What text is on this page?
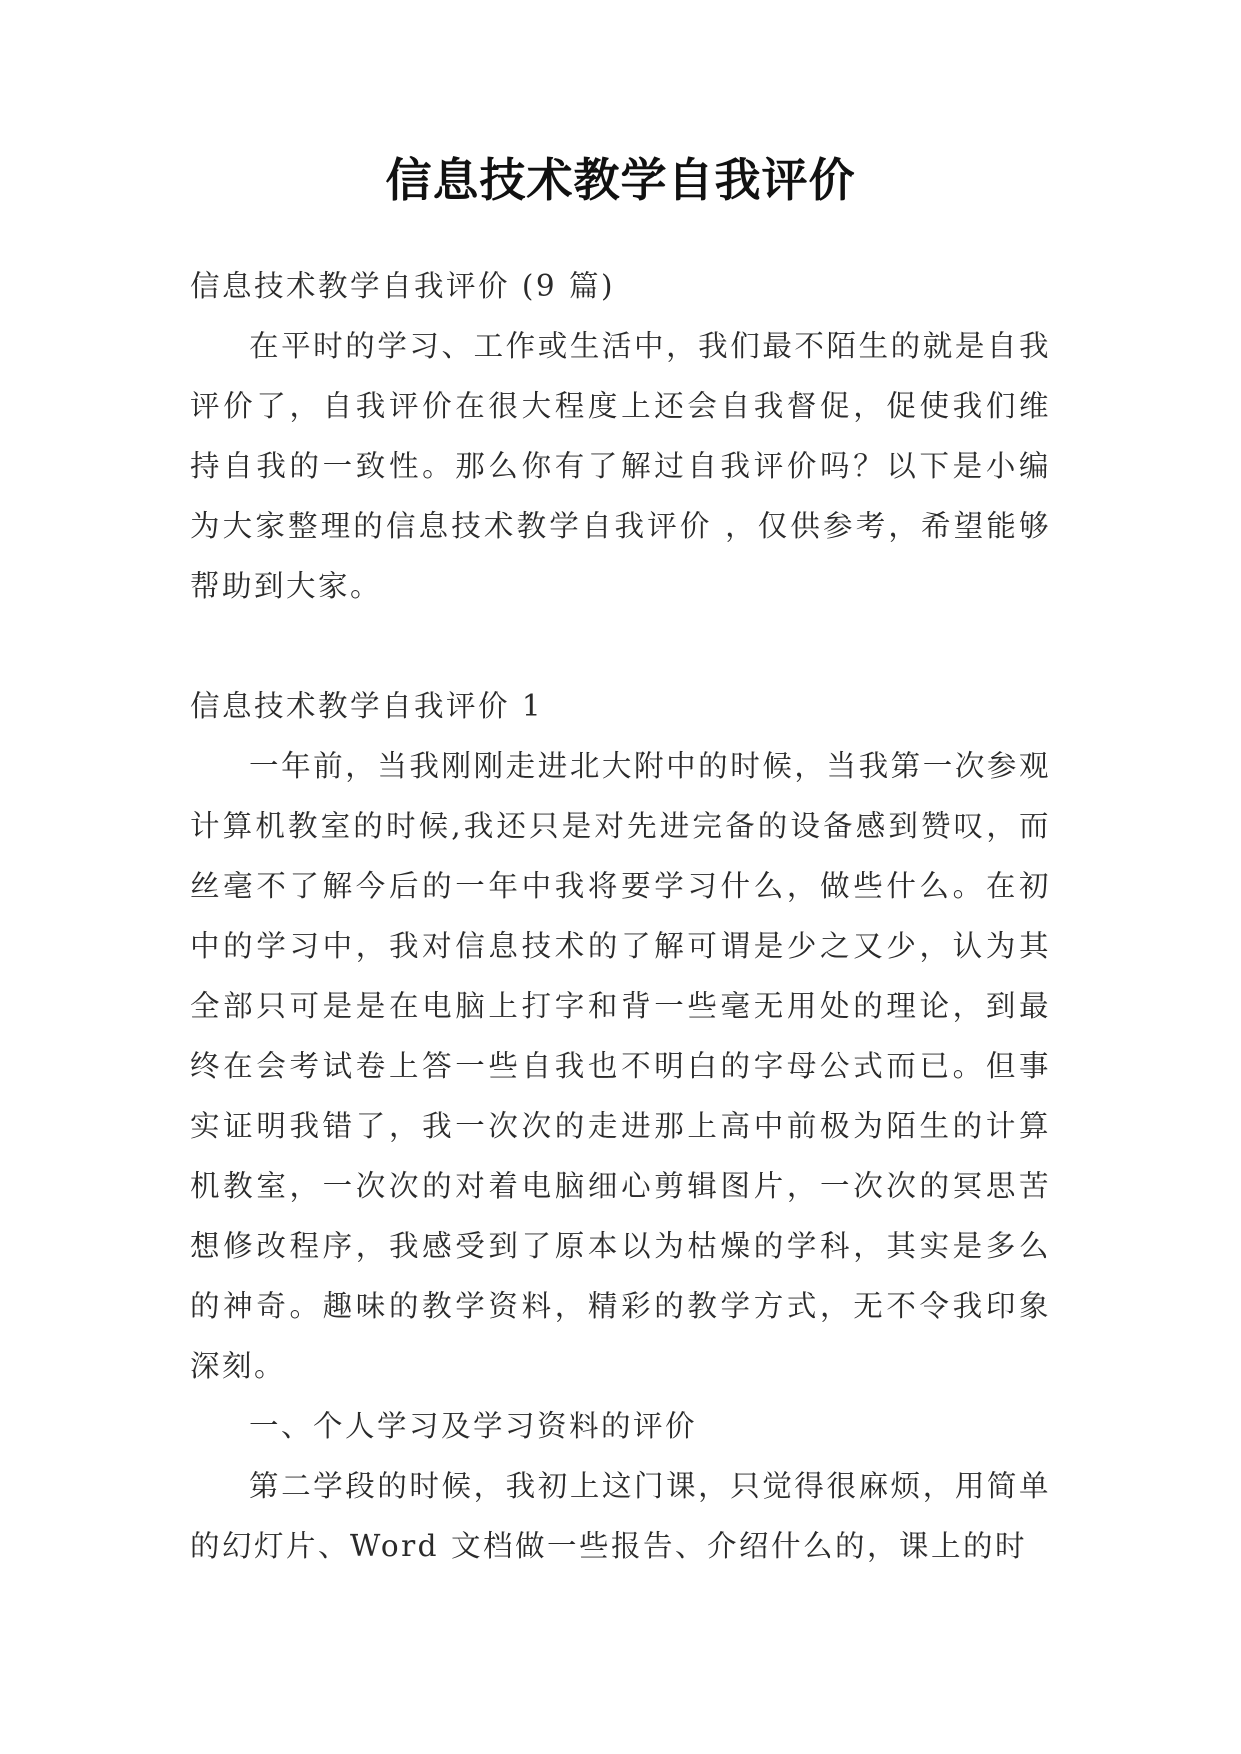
信息技术教学自我评价

信息技术教学自我评价 (9 篇)

在平时的学习、工作或生活中，我们最不陌生的就是自我评价了，自我评价在很大程度上还会自我督促，促使我们维持自我的一致性。那么你有了解过自我评价吗？以下是小编为大家整理的信息技术教学自我评价 ，仅供参考，希望能够帮助到大家。

信息技术教学自我评价 1

一年前，当我刚刚走进北大附中的时候，当我第一次参观计算机教室的时候,我还只是对先进完备的设备感到赞叹，而丝毫不了解今后的一年中我将要学习什么，做些什么。在初中的学习中，我对信息技术的了解可谓是少之又少，认为其全部只可是是在电脑上打字和背一些毫无用处的理论，到最终在会考试卷上答一些自我也不明白的字母公式而已。但事实证明我错了，我一次次的走进那上高中前极为陌生的计算机教室，一次次的对着电脑细心剪辑图片，一次次的冥思苦想修改程序，我感受到了原本以为枯燥的学科，其实是多么的神奇。趣味的教学资料，精彩的教学方式，无不令我印象深刻。

一、个人学习及学习资料的评价

第二学段的时候，我初上这门课，只觉得很麻烦，用简单的幻灯片、Word 文档做一些报告、介绍什么的，课上的时
